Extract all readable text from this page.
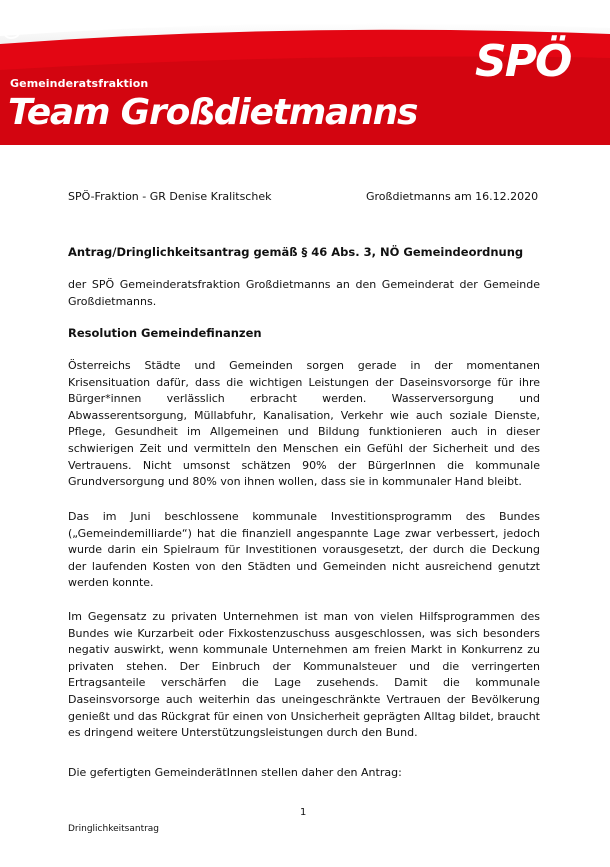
Gemeinderatsfraktion
Team Großdietmanns
SPÖ
SPÖ-Fraktion - GR Denise Kralitschek	Großdietmanns am 16.12.2020
Antrag/Dringlichkeitsantrag gemäß § 46 Abs. 3, NÖ Gemeindeordnung

der SPÖ Gemeinderatsfraktion Großdietmanns an den Gemeinderat der Gemeinde Großdietmanns.

Resolution Gemeindefinanzen

Österreichs Städte und Gemeinden sorgen gerade in der momentanen Krisensituation dafür, dass die wichtigen Leistungen der Daseinsvorsorge für ihre Bürger*innen verlässlich erbracht werden. Wasserversorgung und Abwasserentsorgung, Müllabfuhr, Kanalisation, Verkehr wie auch soziale Dienste, Pflege, Gesundheit im Allgemeinen und Bildung funktionieren auch in dieser schwierigen Zeit und vermitteln den Menschen ein Gefühl der Sicherheit und des Vertrauens. Nicht umsonst schätzen 90% der BürgerInnen die kommunale Grundversorgung und 80% von ihnen wollen, dass sie in kommunaler Hand bleibt.

Das im Juni beschlossene kommunale Investitionsprogramm des Bundes („Gemeindemilliarde“) hat die finanziell angespannte Lage zwar verbessert, jedoch wurde darin ein Spielraum für Investitionen vorausgesetzt, der durch die Deckung der laufenden Kosten von den Städten und Gemeinden nicht ausreichend genutzt werden konnte.

Im Gegensatz zu privaten Unternehmen ist man von vielen Hilfsprogrammen des Bundes wie Kurzarbeit oder Fixkostenzuschuss ausgeschlossen, was sich besonders negativ auswirkt, wenn kommunale Unternehmen am freien Markt in Konkurrenz zu privaten stehen. Der Einbruch der Kommunalsteuer und die verringerten Ertragsanteile verschärfen die Lage zusehends. Damit die kommunale Daseinsvorsorge auch weiterhin das uneingeschränkte Vertrauen der Bevölkerung genießt und das Rückgrat für einen von Unsicherheit geprägten Alltag bildet, braucht es dringend weitere Unterstützungsleistungen durch den Bund.

Die gefertigten GemeinderätInnen stellen daher den Antrag:

1
Dringlichkeitsantrag
